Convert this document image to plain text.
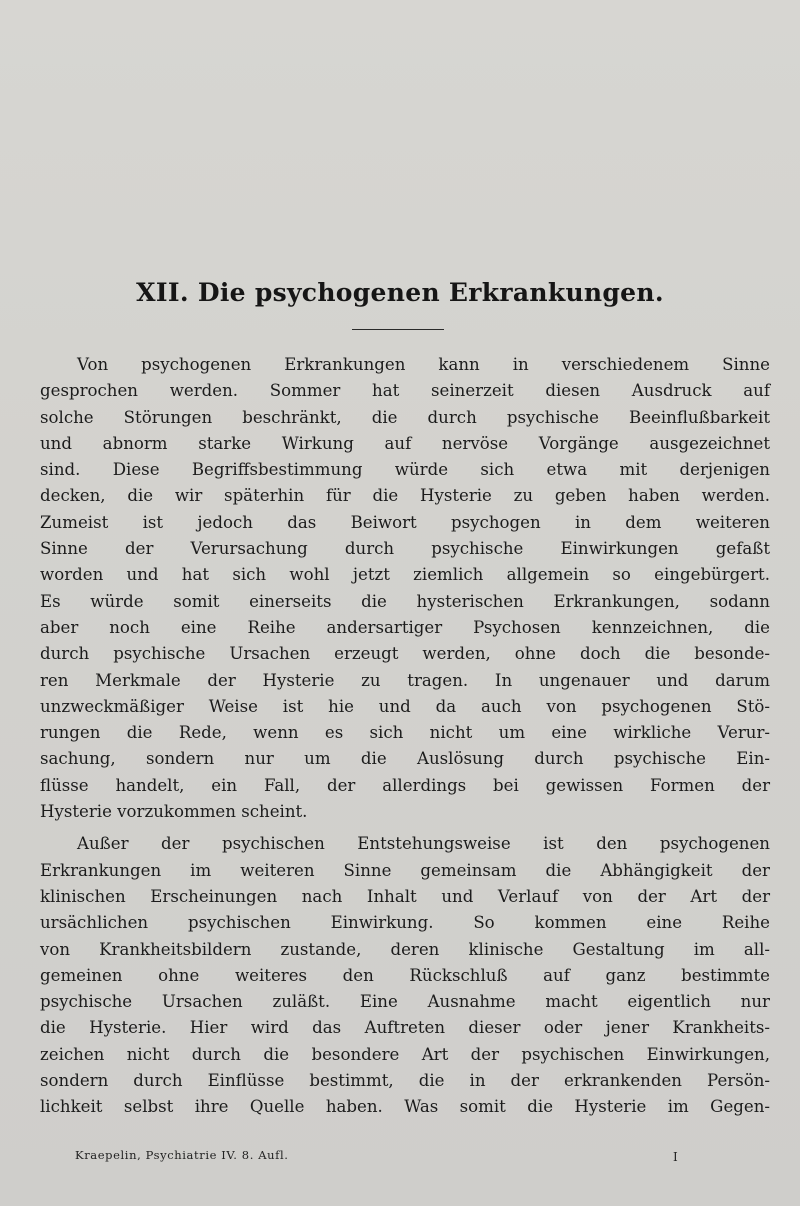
XII. Die psychogenen Erkrankungen.
Von psychogenen Erkrankungen kann in verschiedenem Sinne
gesprochen werden. Sommer hat seinerzeit diesen Ausdruck auf
solche Störungen beschränkt, die durch psychische Beeinflußbarkeit
und abnorm starke Wirkung auf nervöse Vorgänge ausgezeichnet
sind. Diese Begriffsbestimmung würde sich etwa mit derjenigen
decken, die wir späterhin für die Hysterie zu geben haben werden.
Zumeist ist jedoch das Beiwort psychogen in dem weiteren
Sinne der Verursachung durch psychische Einwirkungen gefaßt
worden und hat sich wohl jetzt ziemlich allgemein so eingebürgert.
Es würde somit einerseits die hysterischen Erkrankungen, sodann
aber noch eine Reihe andersartiger Psychosen kennzeichnen, die
durch psychische Ursachen erzeugt werden, ohne doch die besonde-
ren Merkmale der Hysterie zu tragen. In ungenauer und darum
unzweckmäßiger Weise ist hie und da auch von psychogenen Stö-
rungen die Rede, wenn es sich nicht um eine wirkliche Verur-
sachung, sondern nur um die Auslösung durch psychische Ein-
flüsse handelt, ein Fall, der allerdings bei gewissen Formen der
Hysterie vorzukommen scheint.
Außer der psychischen Entstehungsweise ist den psychogenen
Erkrankungen im weiteren Sinne gemeinsam die Abhängigkeit der
klinischen Erscheinungen nach Inhalt und Verlauf von der Art der
ursächlichen psychischen Einwirkung. So kommen eine Reihe
von Krankheitsbildern zustande, deren klinische Gestaltung im all-
gemeinen ohne weiteres den Rückschluß auf ganz bestimmte
psychische Ursachen zuläßt. Eine Ausnahme macht eigentlich nur
die Hysterie. Hier wird das Auftreten dieser oder jener Krankheits-
zeichen nicht durch die besondere Art der psychischen Einwirkungen,
sondern durch Einflüsse bestimmt, die in der erkrankenden Persön-
lichkeit selbst ihre Quelle haben. Was somit die Hysterie im Gegen-
Kraepelin, Psychiatrie IV. 8. Aufl.	I
